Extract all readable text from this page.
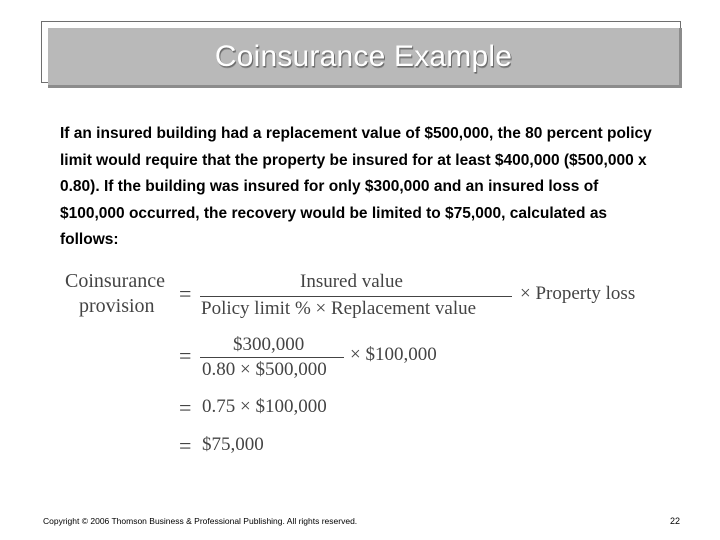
Coinsurance Example

If an insured building had a replacement value of $500,000, the 80 percent policy limit would require that the property be insured for at least $400,000 ($500,000 x 0.80). If the building was insured for only $300,000 and an insured loss of $100,000 occurred, the recovery would be limited to $75,000, calculated as follows:

Coinsurance
provision =	Insured value
Policy limit % × Replacement value
× Property loss
= $300,000
0.80 × $500,000
× $100,000
= 0.75 × $100,000
= $75,000
Copyright © 2006 Thomson Business & Professional Publishing. All rights reserved.	22
